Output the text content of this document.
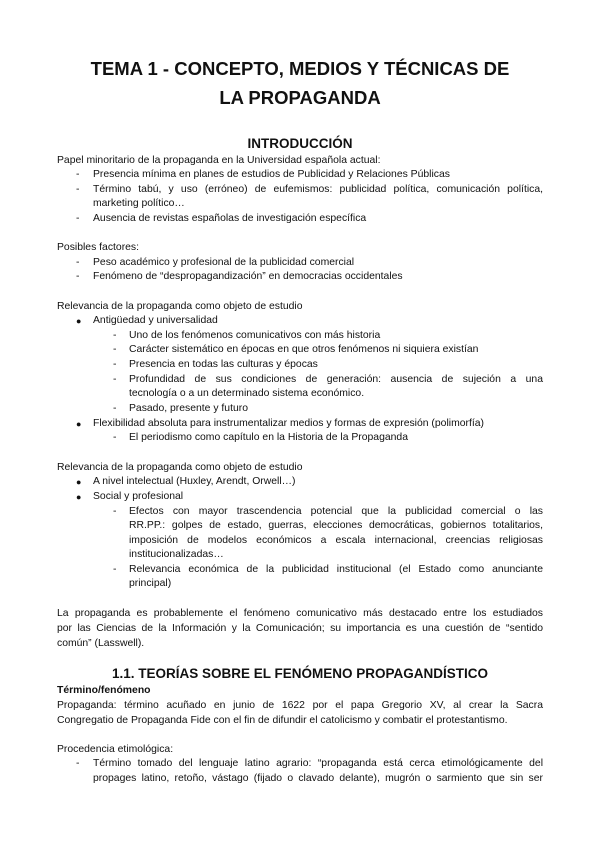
TEMA 1 - CONCEPTO, MEDIOS Y TÉCNICAS DE
LA PROPAGANDA
INTRODUCCIÓN
Papel minoritario de la propaganda en la Universidad española actual:
- Presencia mínima en planes de estudios de Publicidad y Relaciones Públicas
- Término tabú, y uso (erróneo) de eufemismos: publicidad política, comunicación política,
marketing político…
- Ausencia de revistas españolas de investigación específica
Posibles factores:
- Peso académico y profesional de la publicidad comercial
- Fenómeno de “despropagandización” en democracias occidentales
Relevancia de la propaganda como objeto de estudio
● Antigüedad y universalidad
- Uno de los fenómenos comunicativos con más historia
- Carácter sistemático en épocas en que otros fenómenos ni siquiera existían
- Presencia en todas las culturas y épocas
- Profundidad de sus condiciones de generación: ausencia de sujeción a una
tecnología o a un determinado sistema económico.
- Pasado, presente y futuro
● Flexibilidad absoluta para instrumentalizar medios y formas de expresión (polimorfía)
- El periodismo como capítulo en la Historia de la Propaganda
Relevancia de la propaganda como objeto de estudio
● A nivel intelectual (Huxley, Arendt, Orwell…)
● Social y profesional
- Efectos con mayor trascendencia potencial que la publicidad comercial o las
RR.PP.: golpes de estado, guerras, elecciones democráticas, gobiernos totalitarios,
imposición de modelos económicos a escala internacional, creencias religiosas
institucionalizadas…
- Relevancia económica de la publicidad institucional (el Estado como anunciante
principal)
La propaganda es probablemente el fenómeno comunicativo más destacado entre los estudiados
por las Ciencias de la Información y la Comunicación; su importancia es una cuestión de “sentido
común” (Lasswell).
1.1. TEORÍAS SOBRE EL FENÓMENO PROPAGANDÍSTICO
Término/fenómeno
Propaganda: término acuñado en junio de 1622 por el papa Gregorio XV, al crear la Sacra
Congregatio de Propaganda Fide con el fin de difundir el catolicismo y combatir el protestantismo.
Procedencia etimológica:
- Término tomado del lenguaje latino agrario: “propaganda está cerca etimológicamente del
propages latino, retoño, vástago (fijado o clavado delante), mugrón o sarmiento que sin ser
